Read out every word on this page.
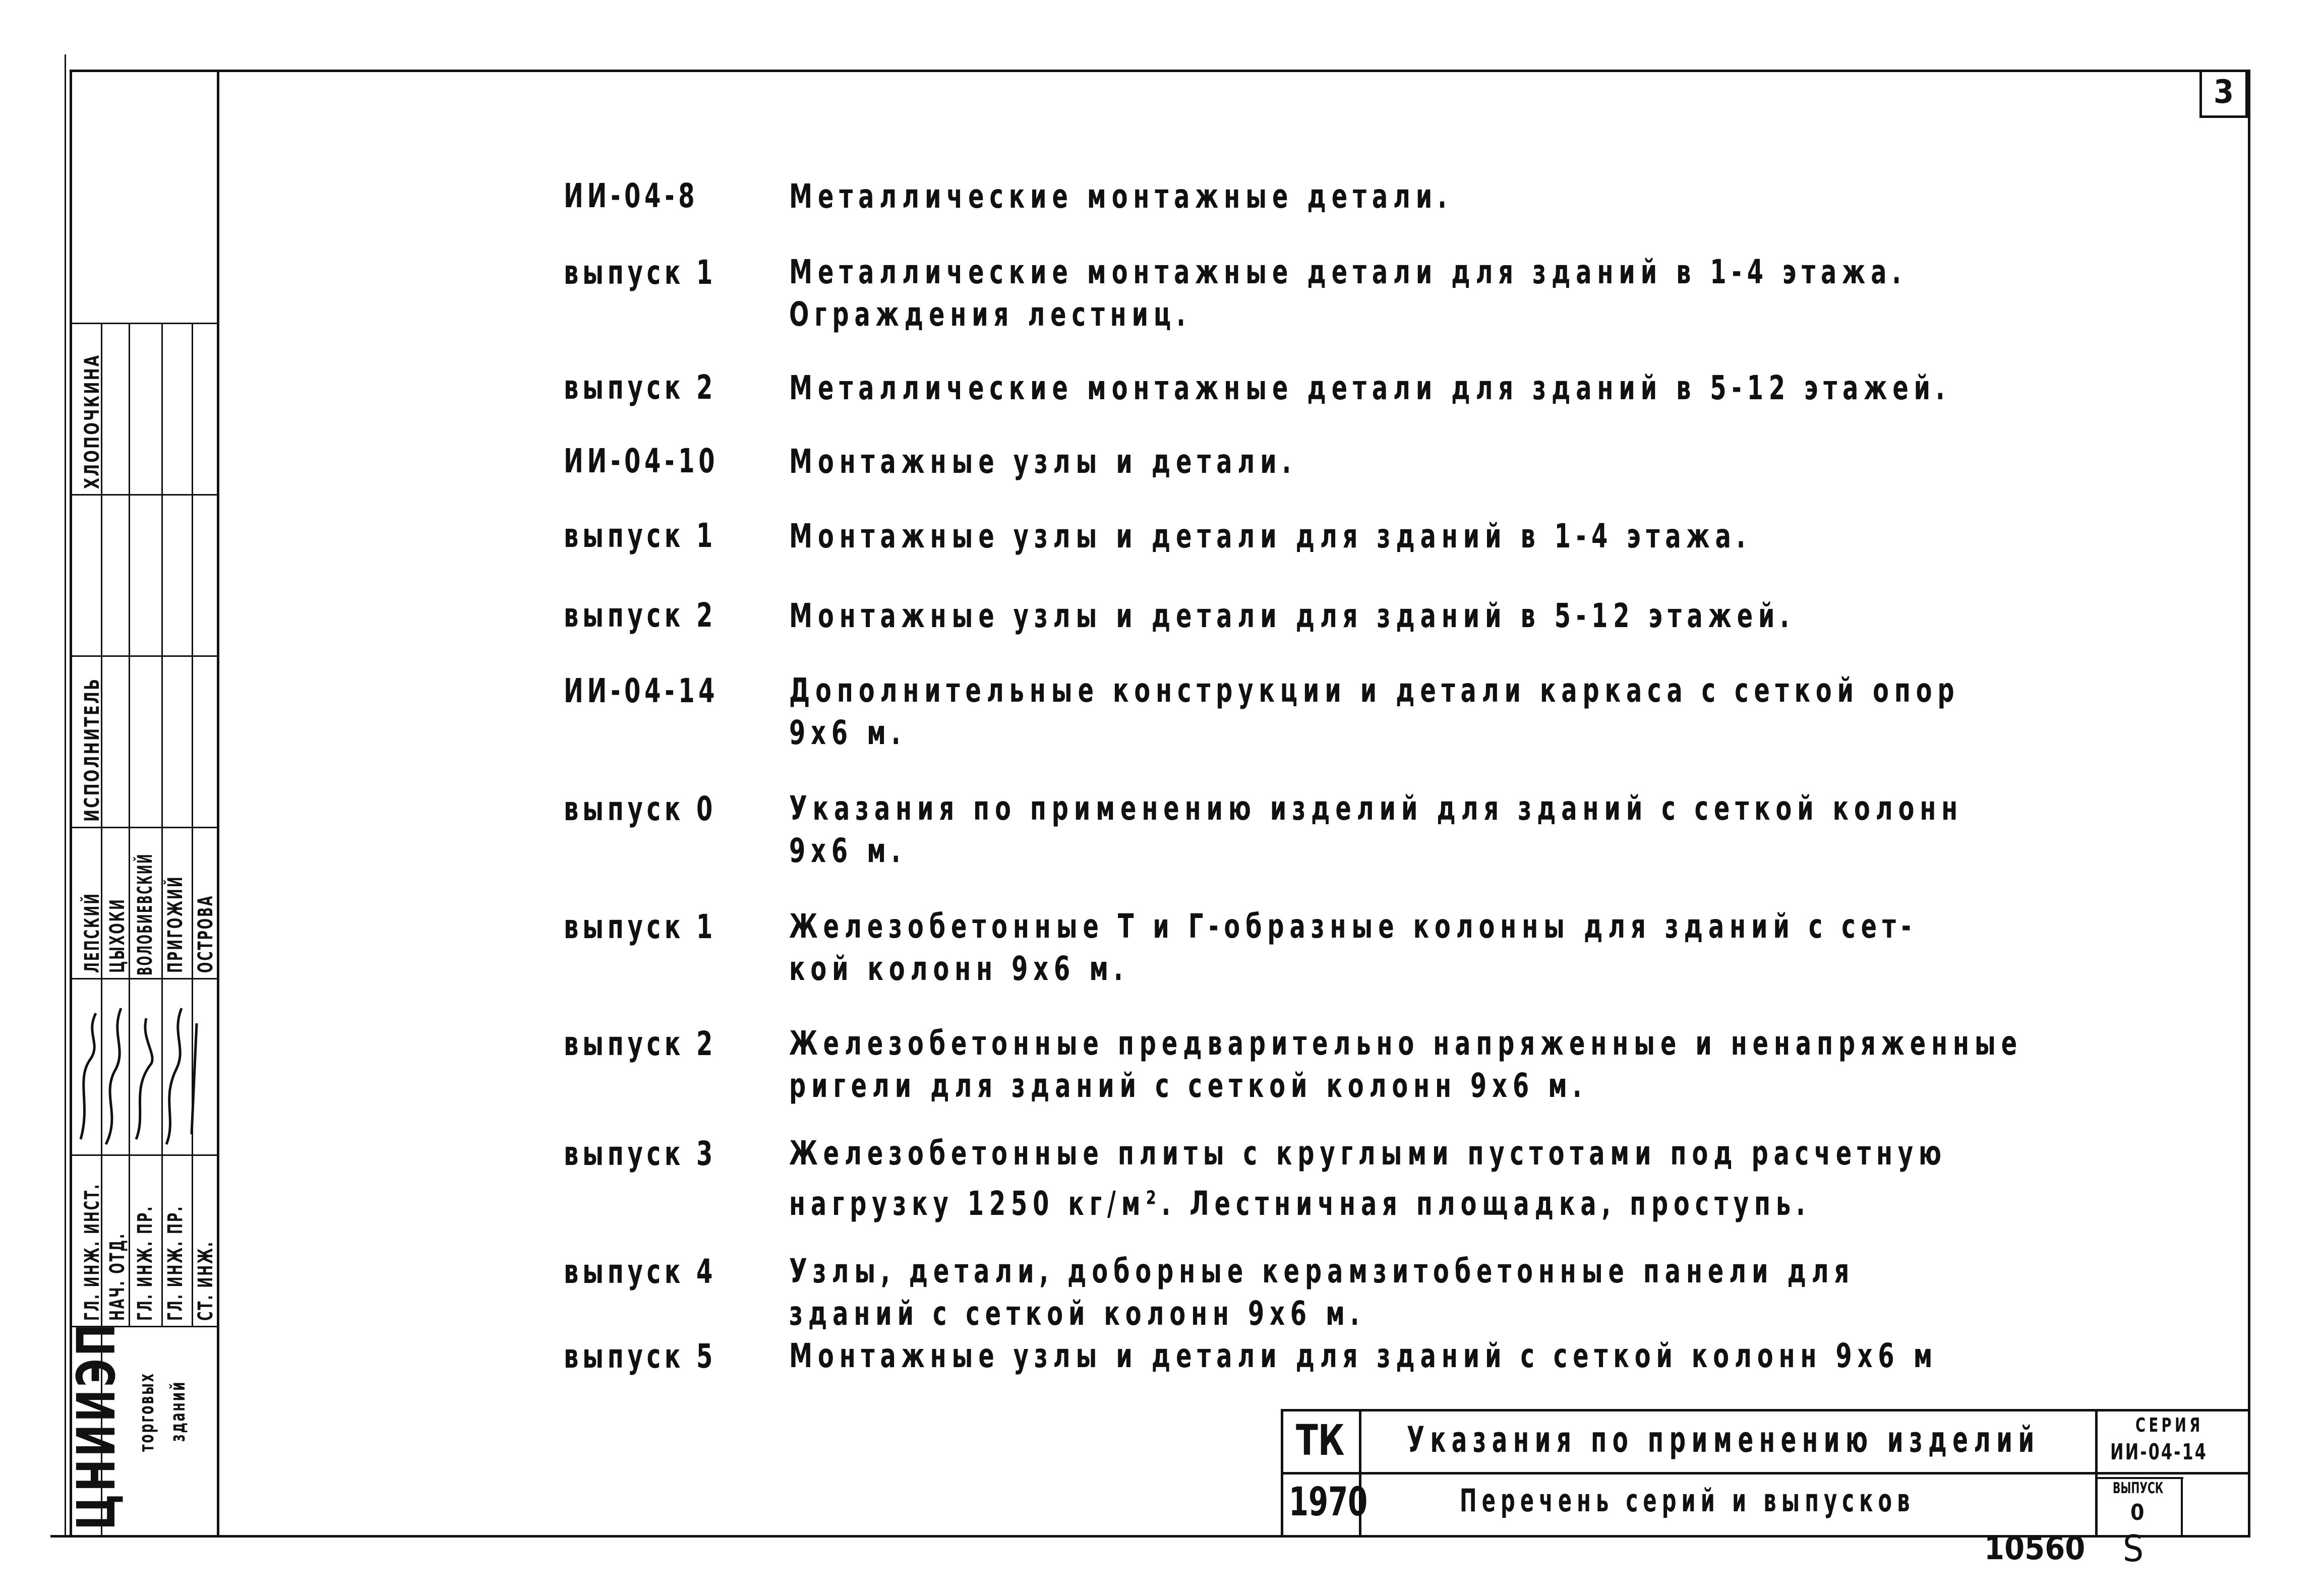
3
ИИ-04-8	Металлические монтажные детали.
выпуск 1 Металлические монтажные детали для зданий в 1-4 этажа.
Ограждения лестниц.
выпуск 2 Металлические монтажные детали для зданий в 5-12 этажей.
ИИ-04-10 Монтажные узлы и детали.
выпуск 1 Монтажные узлы и детали для зданий в 1-4 этажа.
выпуск 2 Монтажные узлы и детали для зданий в 5-12 этажей.
ИИ-04-14 Дополнительные конструкции и детали каркаса с сеткой опор
9х6 м.
выпуск 0 Указания по применению изделий для зданий с сеткой колонн
9х6 м.
выпуск 1 Железобетонные Т и Г-образные колонны для зданий с сет-
кой колонн 9х6 м.
выпуск 2 Железобетонные предварительно напряженные и ненапряженные
ригели для зданий с сеткой колонн 9х6 м.
выпуск 3 Железобетонные плиты с круглыми пустотами под расчетную
нагрузку 1250 кг/м². Лестничная площадка, проступь.
выпуск 4 Узлы, детали, доборные керамзитобетонные панели для
зданий с сеткой колонн 9х6 м.
выпуск 5 Монтажные узлы и детали для зданий с сеткой колонн 9х6 м
ХЛОПОЧКИНА
ИСПОЛНИТЕЛЬ
ЛЕПСКИЙ ЦЫХОКИ ВОЛОБИЕВСКИЙ ПРИГОЖИЙ ОСТРОВА
ГЛ. ИНЖ. ИНСТ. НАЧ. ОТД. ГЛ. ИНЖ. ПР. ГЛ. ИНЖ. ПР. СТ. ИНЖ.
ЦНИИЭП торговых зданий	ТК
1970
Указания по применению изделий
Перечень серий и выпусков
СЕРИЯ
ИИ-04-14
ВЫПУСК
0
10560 S
